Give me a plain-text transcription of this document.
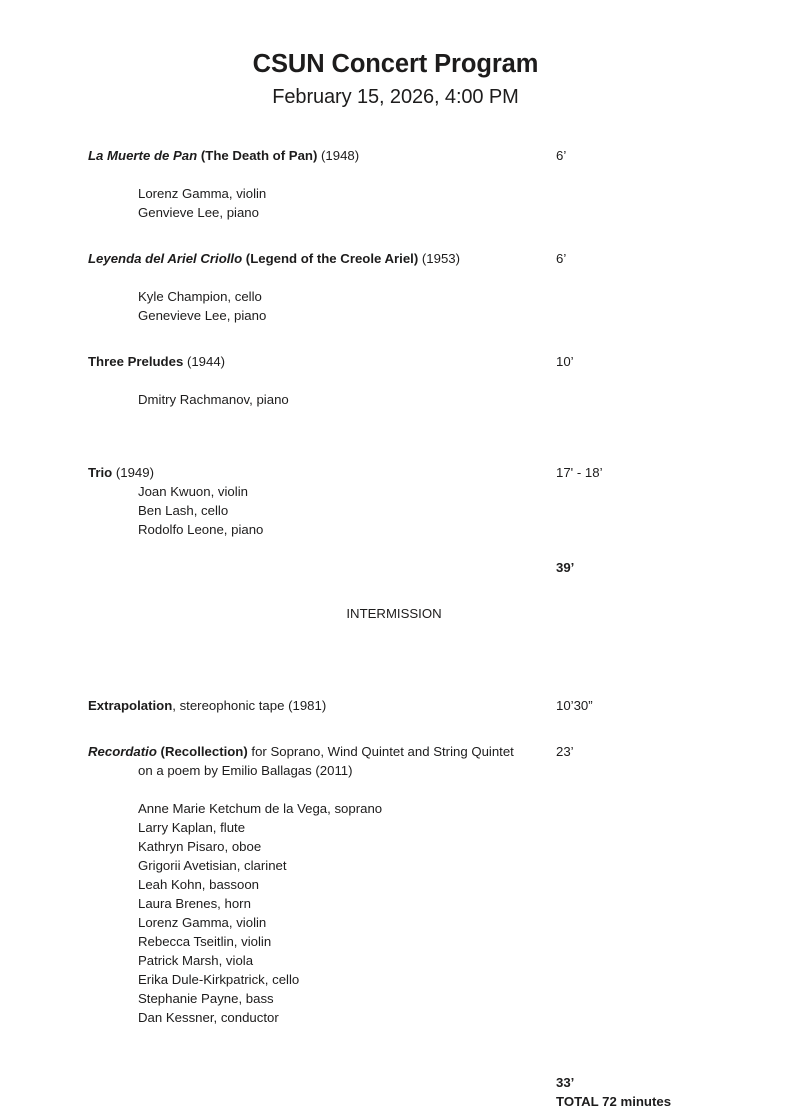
CSUN Concert Program
February 15, 2026, 4:00 PM
La Muerte de Pan (The Death of Pan) (1948)	6’
Lorenz Gamma, violin
Genvieve Lee, piano
Leyenda del Ariel Criollo (Legend of the Creole Ariel) (1953)	6’
Kyle Champion, cello
Genevieve Lee, piano
Three Preludes (1944)	10’
Dmitry Rachmanov, piano
Trio (1949)	17' - 18’
Joan Kwuon, violin
Ben Lash, cello
Rodolfo Leone, piano
39’
INTERMISSION
Extrapolation, stereophonic tape (1981)	10’30”
Recordatio (Recollection) for Soprano, Wind Quintet and String Quintet	23’
on a poem by Emilio Ballagas (2011)
Anne Marie Ketchum de la Vega, soprano
Larry Kaplan, flute
Kathryn Pisaro, oboe
Grigorii Avetisian, clarinet
Leah Kohn, bassoon
Laura Brenes, horn
Lorenz Gamma, violin
Rebecca Tseitlin, violin
Patrick Marsh, viola
Erika Dule-Kirkpatrick, cello
Stephanie Payne, bass
Dan Kessner, conductor
33’
TOTAL 72 minutes
